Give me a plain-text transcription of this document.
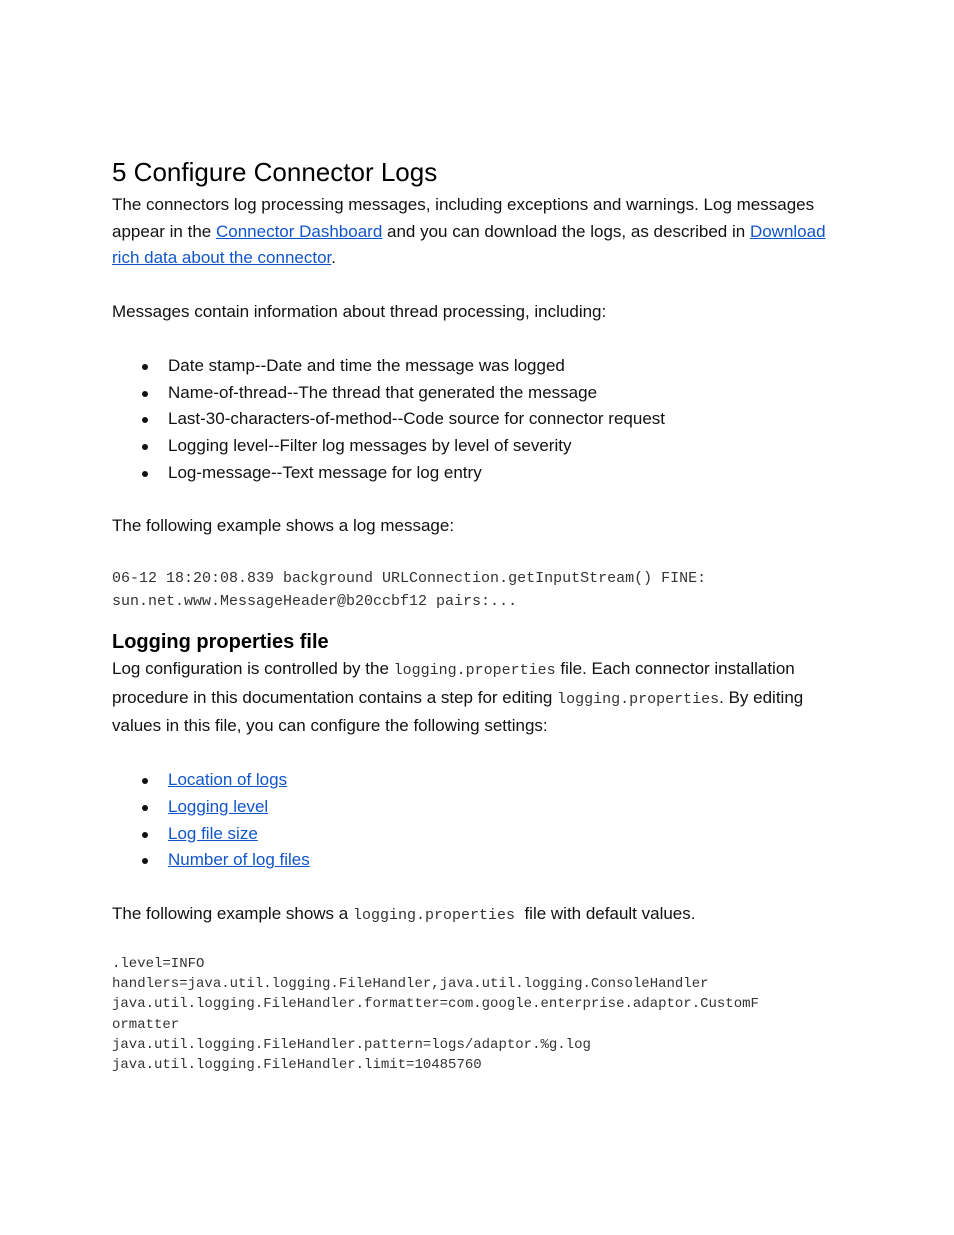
5 Configure Connector Logs

The connectors log processing messages, including exceptions and warnings. Log messages appear in the Connector Dashboard and you can download the logs, as described in Download rich data about the connector.

Messages contain information about thread processing, including:

Date stamp--Date and time the message was logged
Name-of-thread--The thread that generated the message
Last-30-characters-of-method--Code source for connector request
Logging level--Filter log messages by level of severity
Log-message--Text message for log entry

The following example shows a log message:

06-12 18:20:08.839 background URLConnection.getInputStream() FINE:
sun.net.www.MessageHeader@b20ccbf12 pairs:...
Logging properties file

Log configuration is controlled by the logging.properties file. Each connector installation procedure in this documentation contains a step for editing logging.properties. By editing values in this file, you can configure the following settings:

Location of logs
Logging level
Log file size
Number of log files

The following example shows a logging.properties  file with default values.

.level=INFO
handlers=java.util.logging.FileHandler,java.util.logging.ConsoleHandler
java.util.logging.FileHandler.formatter=com.google.enterprise.adaptor.CustomF
ormatter
java.util.logging.FileHandler.pattern=logs/adaptor.%g.log
java.util.logging.FileHandler.limit=10485760
